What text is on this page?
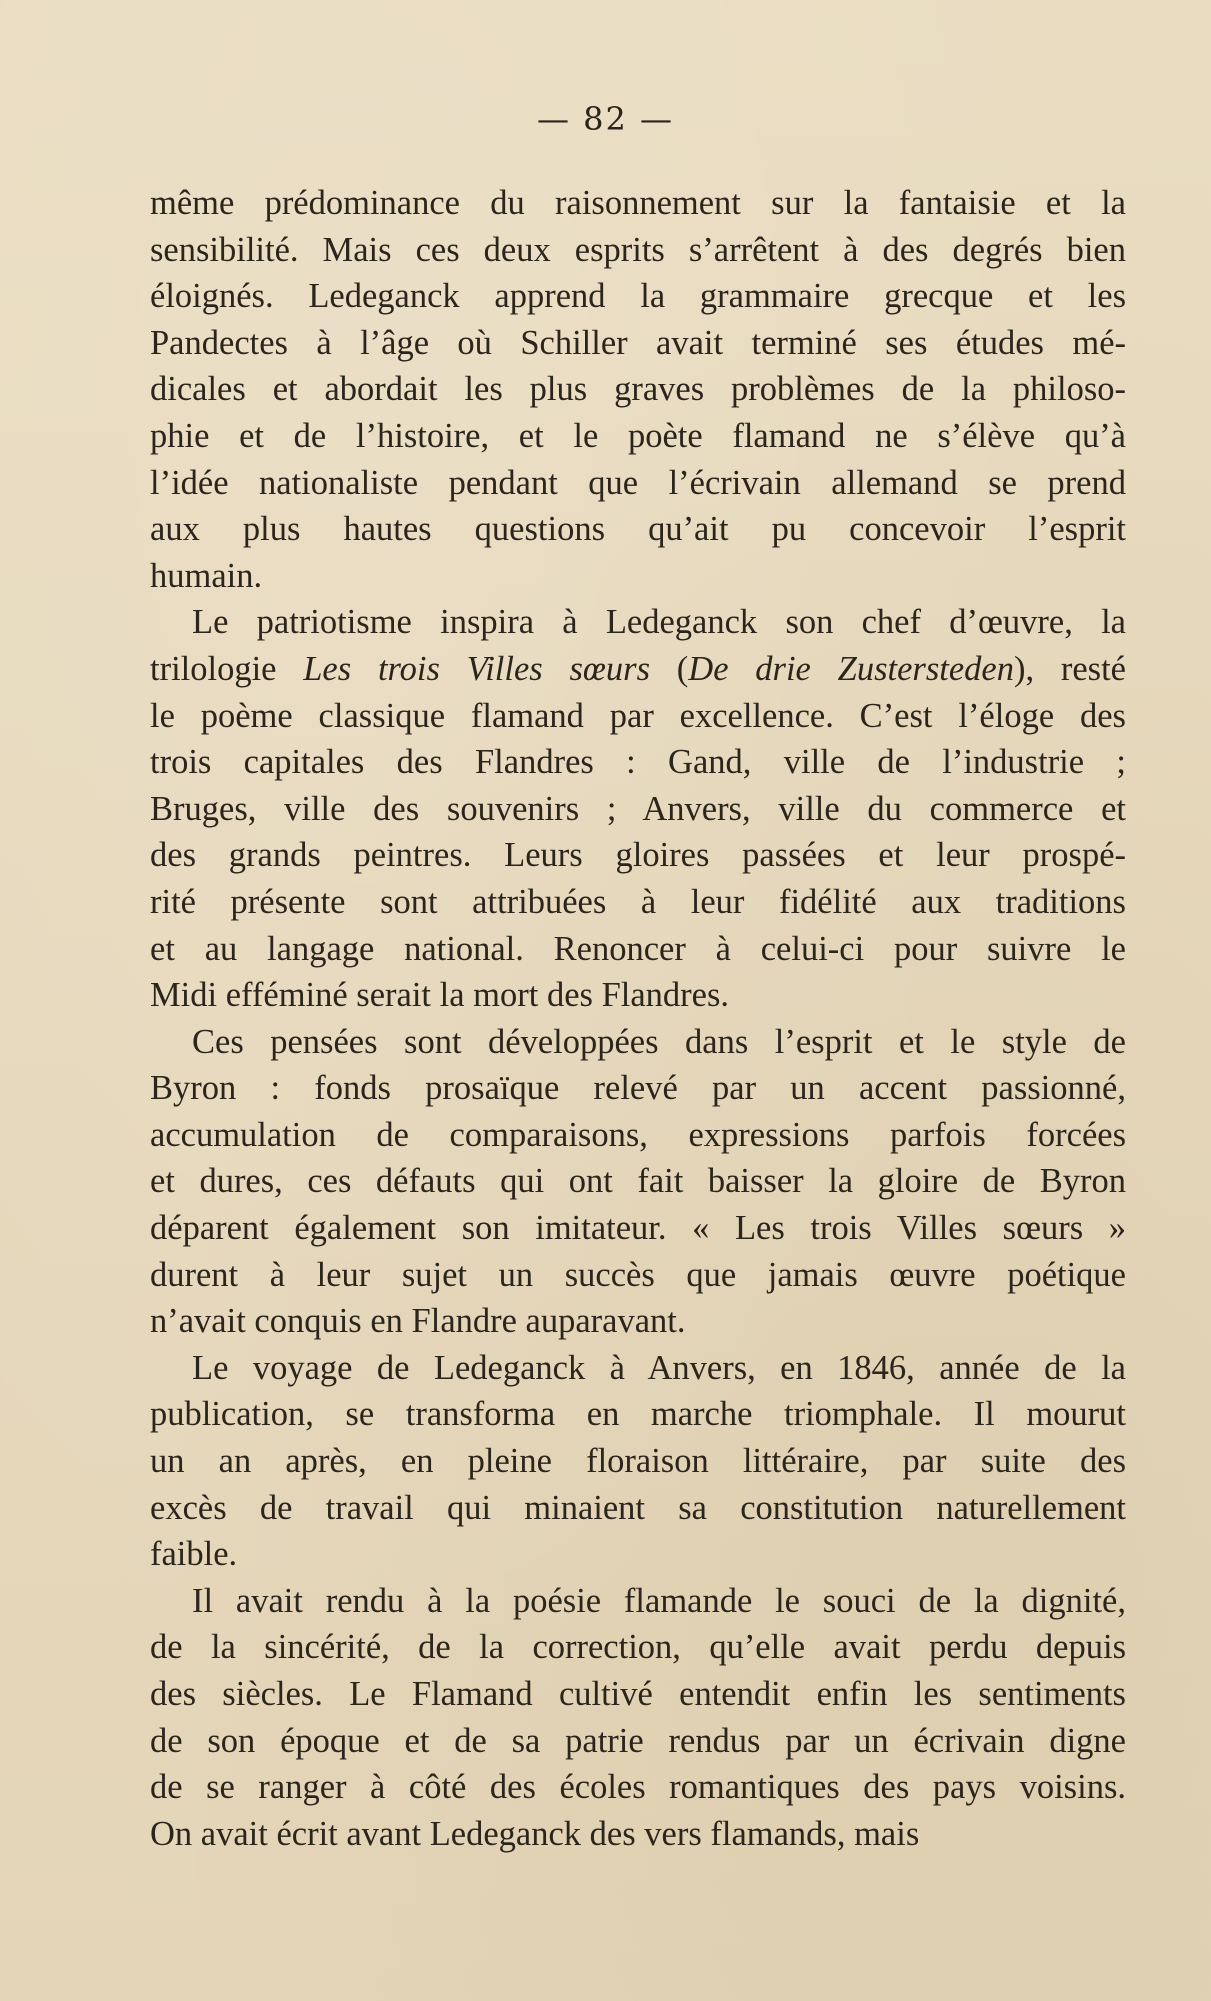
— 82 —

même prédominance du raisonnement sur la fantaisie et la
sensibilité. Mais ces deux esprits s’arrêtent à des degrés bien
éloignés. Ledeganck apprend la grammaire grecque et les
Pandectes à l’âge où Schiller avait terminé ses études mé-
dicales et abordait les plus graves problèmes de la philoso-
phie et de l’histoire, et le poète flamand ne s’élève qu’à
l’idée nationaliste pendant que l’écrivain allemand se prend
aux plus hautes questions qu’ait pu concevoir l’esprit
humain.
Le patriotisme inspira à Ledeganck son chef d’œuvre, la
trilologie Les trois Villes sœurs (De drie Zustersteden), resté
le poème classique flamand par excellence. C’est l’éloge des
trois capitales des Flandres : Gand, ville de l’industrie ;
Bruges, ville des souvenirs ; Anvers, ville du commerce et
des grands peintres. Leurs gloires passées et leur prospé-
rité présente sont attribuées à leur fidélité aux traditions
et au langage national. Renoncer à celui-ci pour suivre le
Midi efféminé serait la mort des Flandres.
Ces pensées sont développées dans l’esprit et le style de
Byron : fonds prosaïque relevé par un accent passionné,
accumulation de comparaisons, expressions parfois forcées
et dures, ces défauts qui ont fait baisser la gloire de Byron
déparent également son imitateur. « Les trois Villes sœurs »
durent à leur sujet un succès que jamais œuvre poétique
n’avait conquis en Flandre auparavant.
Le voyage de Ledeganck à Anvers, en 1846, année de la
publication, se transforma en marche triomphale. Il mourut
un an après, en pleine floraison littéraire, par suite des
excès de travail qui minaient sa constitution naturellement
faible.
Il avait rendu à la poésie flamande le souci de la dignité,
de la sincérité, de la correction, qu’elle avait perdu depuis
des siècles. Le Flamand cultivé entendit enfin les sentiments
de son époque et de sa patrie rendus par un écrivain digne
de se ranger à côté des écoles romantiques des pays voisins.
On avait écrit avant Ledeganck des vers flamands, mais
